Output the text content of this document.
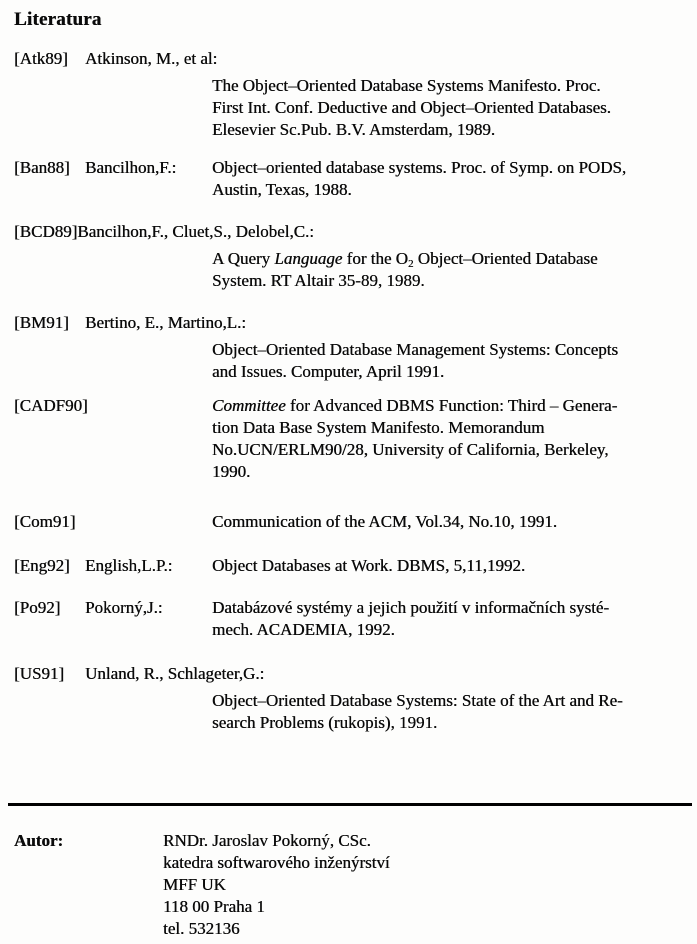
Literatura
[Atk89] Atkinson, M., et al:
The Object–Oriented Database Systems Manifesto. Proc.
First Int. Conf. Deductive and Object–Oriented Databases.
Elesevier Sc.Pub. B.V. Amsterdam, 1989.
[Ban88] Bancilhon,F.: Object–oriented database systems. Proc. of Symp. on PODS,
Austin, Texas, 1988.
[BCD89]Bancilhon,F., Cluet,S., Delobel,C.:
A Query Language for the $O_2$ Object–Oriented Database
System. RT Altair 35-89, 1989.
[BM91] Bertino, E., Martino,L.:
Object–Oriented Database Management Systems: Concepts
and Issues. Computer, April 1991.
[CADF90]	Committee for Advanced DBMS Function: Third – Genera-
tion Data Base System Manifesto. Memorandum
No.UCN/ERLM90/28, University of California, Berkeley,
1990.
[Com91]	Communication of the ACM, Vol.34, No.10, 1991.
[Eng92] English,L.P.: Object Databases at Work. DBMS, 5,11,1992.
[Po92] Pokorný,J.:	Databázové systémy a jejich použití v informačních systé-
mech. ACADEMIA, 1992.
[US91] Unland, R., Schlageter,G.:
Object–Oriented Database Systems: State of the Art and Re-
search Problems (rukopis), 1991.
Autor:	RNDr. Jaroslav Pokorný, CSc.
katedra softwarového inženýrství
MFF UK
118 00 Praha 1
tel. 532136
